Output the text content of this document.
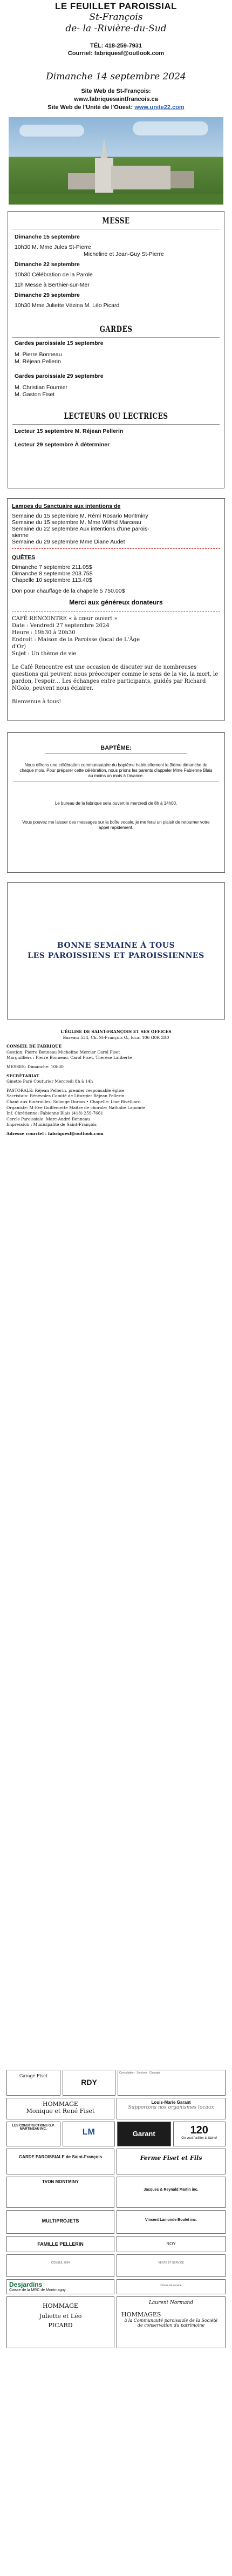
LE FEUILLET PAROISSIAL
St-François
de- la -Rivière-du-Sud
TÉL: 418-259-7931
Courriel: fabriquesf@outlook.com
Dimanche 14 septembre 2024
Site Web de St-François:
www.fabriquesaintfrancois.ca
Site Web de l'Unité de l'Ouest: www.unite22.com
MESSE
Dimanche 15 septembre
10h30 M. Mme Jules St-Pierre
Micheline et Jean-Guy St-Pierre
Dimanche 22 septembre
10h30 Célébration de la Parole
11h Messe à Berthier-sur-Mer
Dimanche 29 septembre
10h30 Mme Juliette Vézina M. Léo Picard
GARDES
Gardes paroissiale 15 septembre
M. Pierre Bonneau
M. Réjean Pellerin
Gardes paroissiale 29 septembre
M. Christian Fournier
M. Gaston Fiset
LECTEURS OU LECTRICES
Lecteur 15 septembre M. Réjean Pellerin
Lecteur 29 septembre À déterminer
Lampes du Sanctuaire aux intentions de
Semaine du 15 septembre M. Rémi Rosario Montminy
Semaine du 15 septembre M. Mme Wilfrid Marceau
Semaine du 22 septembre Aux intentions d'une parois-
sienne
Semaine du 29 septembre Mme Diane Audet
QUÊTES
Dimanche 7 septembre 211.05$
Dimanche 8 septembre 203.75$
Chapelle 10 septembre 113.40$
Don pour chauffage de la chapelle 5 750.00$
Merci aux généreux donateurs
CAFÉ RENCONTRE « à cœur ouvert »
Date : Vendredi 27 septembre 2024
Heure : 19h30 à 20h30
Endroit : Maison de la Paroisse (local de L'Âge
d'Or)
Sujet : Un thème de vie
Le Café Rencontre est une occasion de discuter sur de nombreuses questions qui peuvent nous préoccuper comme le sens de la vie, la mort, le pardon, l'espoir… Les échanges entre participants, guidés par Richard NGolo, peuvent nous éclairer.
Bienvenue à tous!
BAPTÊME:
Nous offrons une célébration communautaire du baptême habituellement le 3ième dimanche de chaque mois. Pour préparer cette célébration, nous prions les parents d'appeler Mme Fabienne Blais au moins un mois à l'avance.
Le bureau de la fabrique sera ouvert le mercredi de 8h à 14h00.
Vous pouvez me laisser des messages sur la boîte vocale, je me ferai un plaisir de retourner votre appel rapidement.
BONNE SEMAINE À TOUS
LES PAROISSIENS ET PAROISSIENNES
L'ÉGLISE DE SAINT-FRANÇOIS ET SES OFFICES
Bureau: 534, Ch. St-François O., local 106 G0R 3A0
CONSEIL DE FABRIQUE
Gestion: Pierre Bonneau Micheline Mercier Carol Fiset
Marguilliers : Pierre Bonneau, Carol Fiset, Thérèse Laliberté
MESSES: Dimanche: 10h30
SECRÉTARIAT
Ginette Paré Couturier Mercredi 8h à 14h
PASTORALE: Réjean Pellerin, premier responsable église
Sacristain: Bénévoles Comité de Liturgie: Réjean Pellerin
Chant aux funérailles: Solange Dorion • Chapelle: Line Rivélliard
Organiste: M-Eve Guillemette Maître de chorale: Nathalie Lapointe
Inf. Chrétienne: Fabienne Blais (418) 259-7661
Cercle Paroissiale: Marc-André Bonneau
Impression : Municipalité de Saint-François
Adresse courriel : fabriquesf@outlook.com
Garage Fiset
RDY
Consultation · Services · Chirurgie
HOMMAGE
Monique et René Fiset
Louis-Marie Garant
Supportons nos organismes locaux
LES CONSTRUCTIONS G.P. MARTINEAU INC.	LM	Garant	120
On veut faciliter la tâche!
GARDE PAROISSIALE de Saint-François	Ferme Fiset et Fils
TVON MONTMINY
Jacques & Reynald Martin inc.
MULTIPROJETS	Vincent Lamonde Boulet inc.
FAMILLE PELLERIN	ROY
CONSEIL 2024	VENTE ET SERVICE
Desjardins
Caisse de la MRC de Montmagny
Centre de service
HOMMAGE
Juliette et Léo
PICARD
Laurent Normand
HOMMAGES
à la Communauté paroissiale de la Société de conservation du patrimoine
